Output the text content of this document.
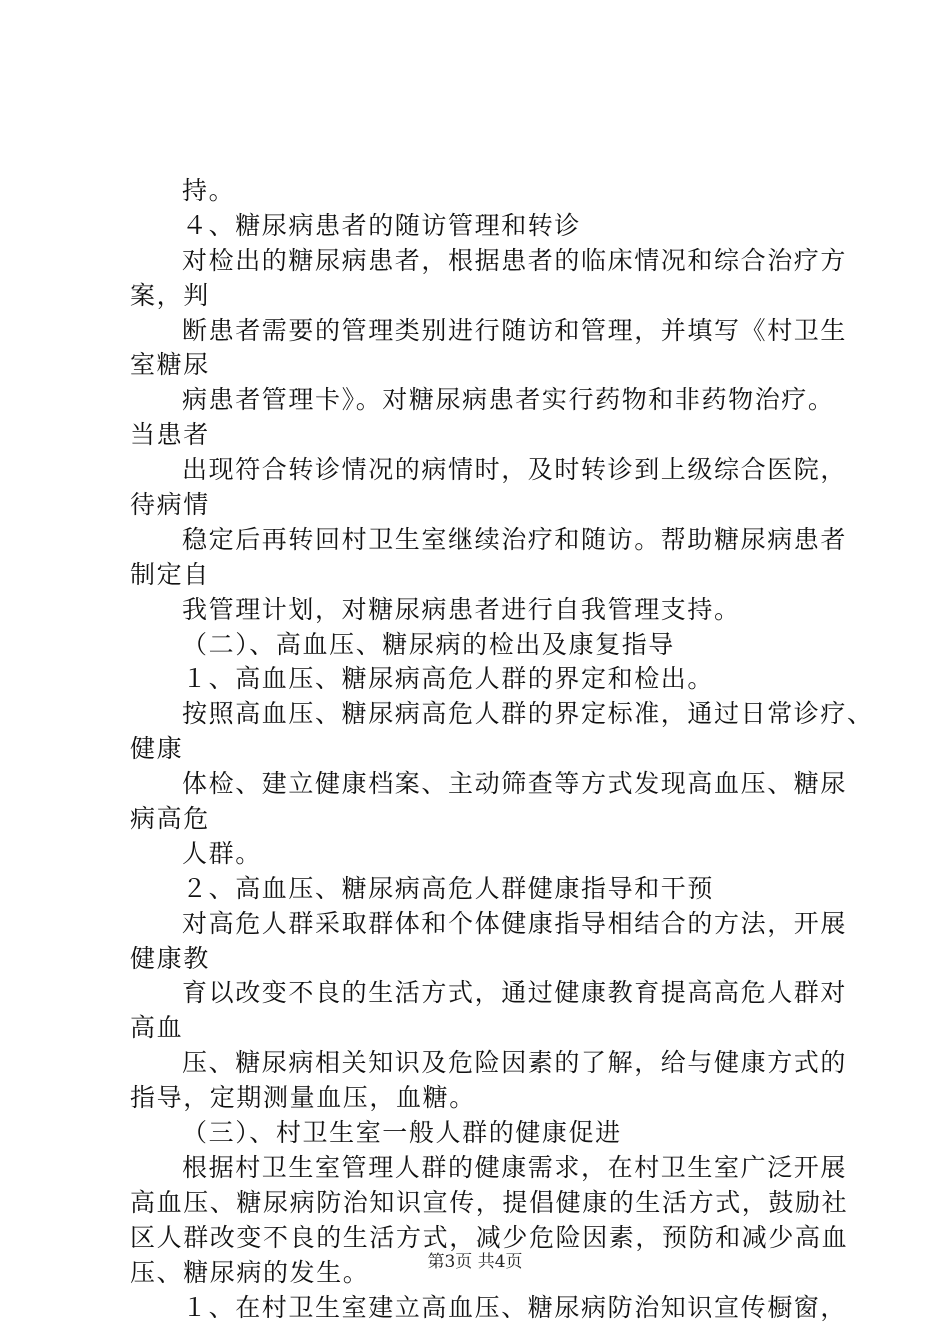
持。
４、糖尿病患者的随访管理和转诊
对检出的糖尿病患者，根据患者的临床情况和综合治疗方
案，判
断患者需要的管理类别进行随访和管理，并填写《村卫生
室糖尿
病患者管理卡》。对糖尿病患者实行药物和非药物治疗。
当患者
出现符合转诊情况的病情时，及时转诊到上级综合医院，
待病情
稳定后再转回村卫生室继续治疗和随访。帮助糖尿病患者
制定自
我管理计划，对糖尿病患者进行自我管理支持。
（二）、高血压、糖尿病的检出及康复指导
１、高血压、糖尿病高危人群的界定和检出。
按照高血压、糖尿病高危人群的界定标准，通过日常诊疗、
健康
体检、建立健康档案、主动筛查等方式发现高血压、糖尿
病高危
人群。
２、高血压、糖尿病高危人群健康指导和干预
对高危人群采取群体和个体健康指导相结合的方法，开展
健康教
育以改变不良的生活方式，通过健康教育提高高危人群对
高血
压、糖尿病相关知识及危险因素的了解，给与健康方式的
指导，定期测量血压，血糖。
（三）、村卫生室一般人群的健康促进
根据村卫生室管理人群的健康需求，在村卫生室广泛开展
高血压、糖尿病防治知识宣传，提倡健康的生活方式，鼓励社
区人群改变不良的生活方式，减少危险因素，预防和减少高血
压、糖尿病的发生。
１、在村卫生室建立高血压、糖尿病防治知识宣传橱窗，
第3页 共4页
